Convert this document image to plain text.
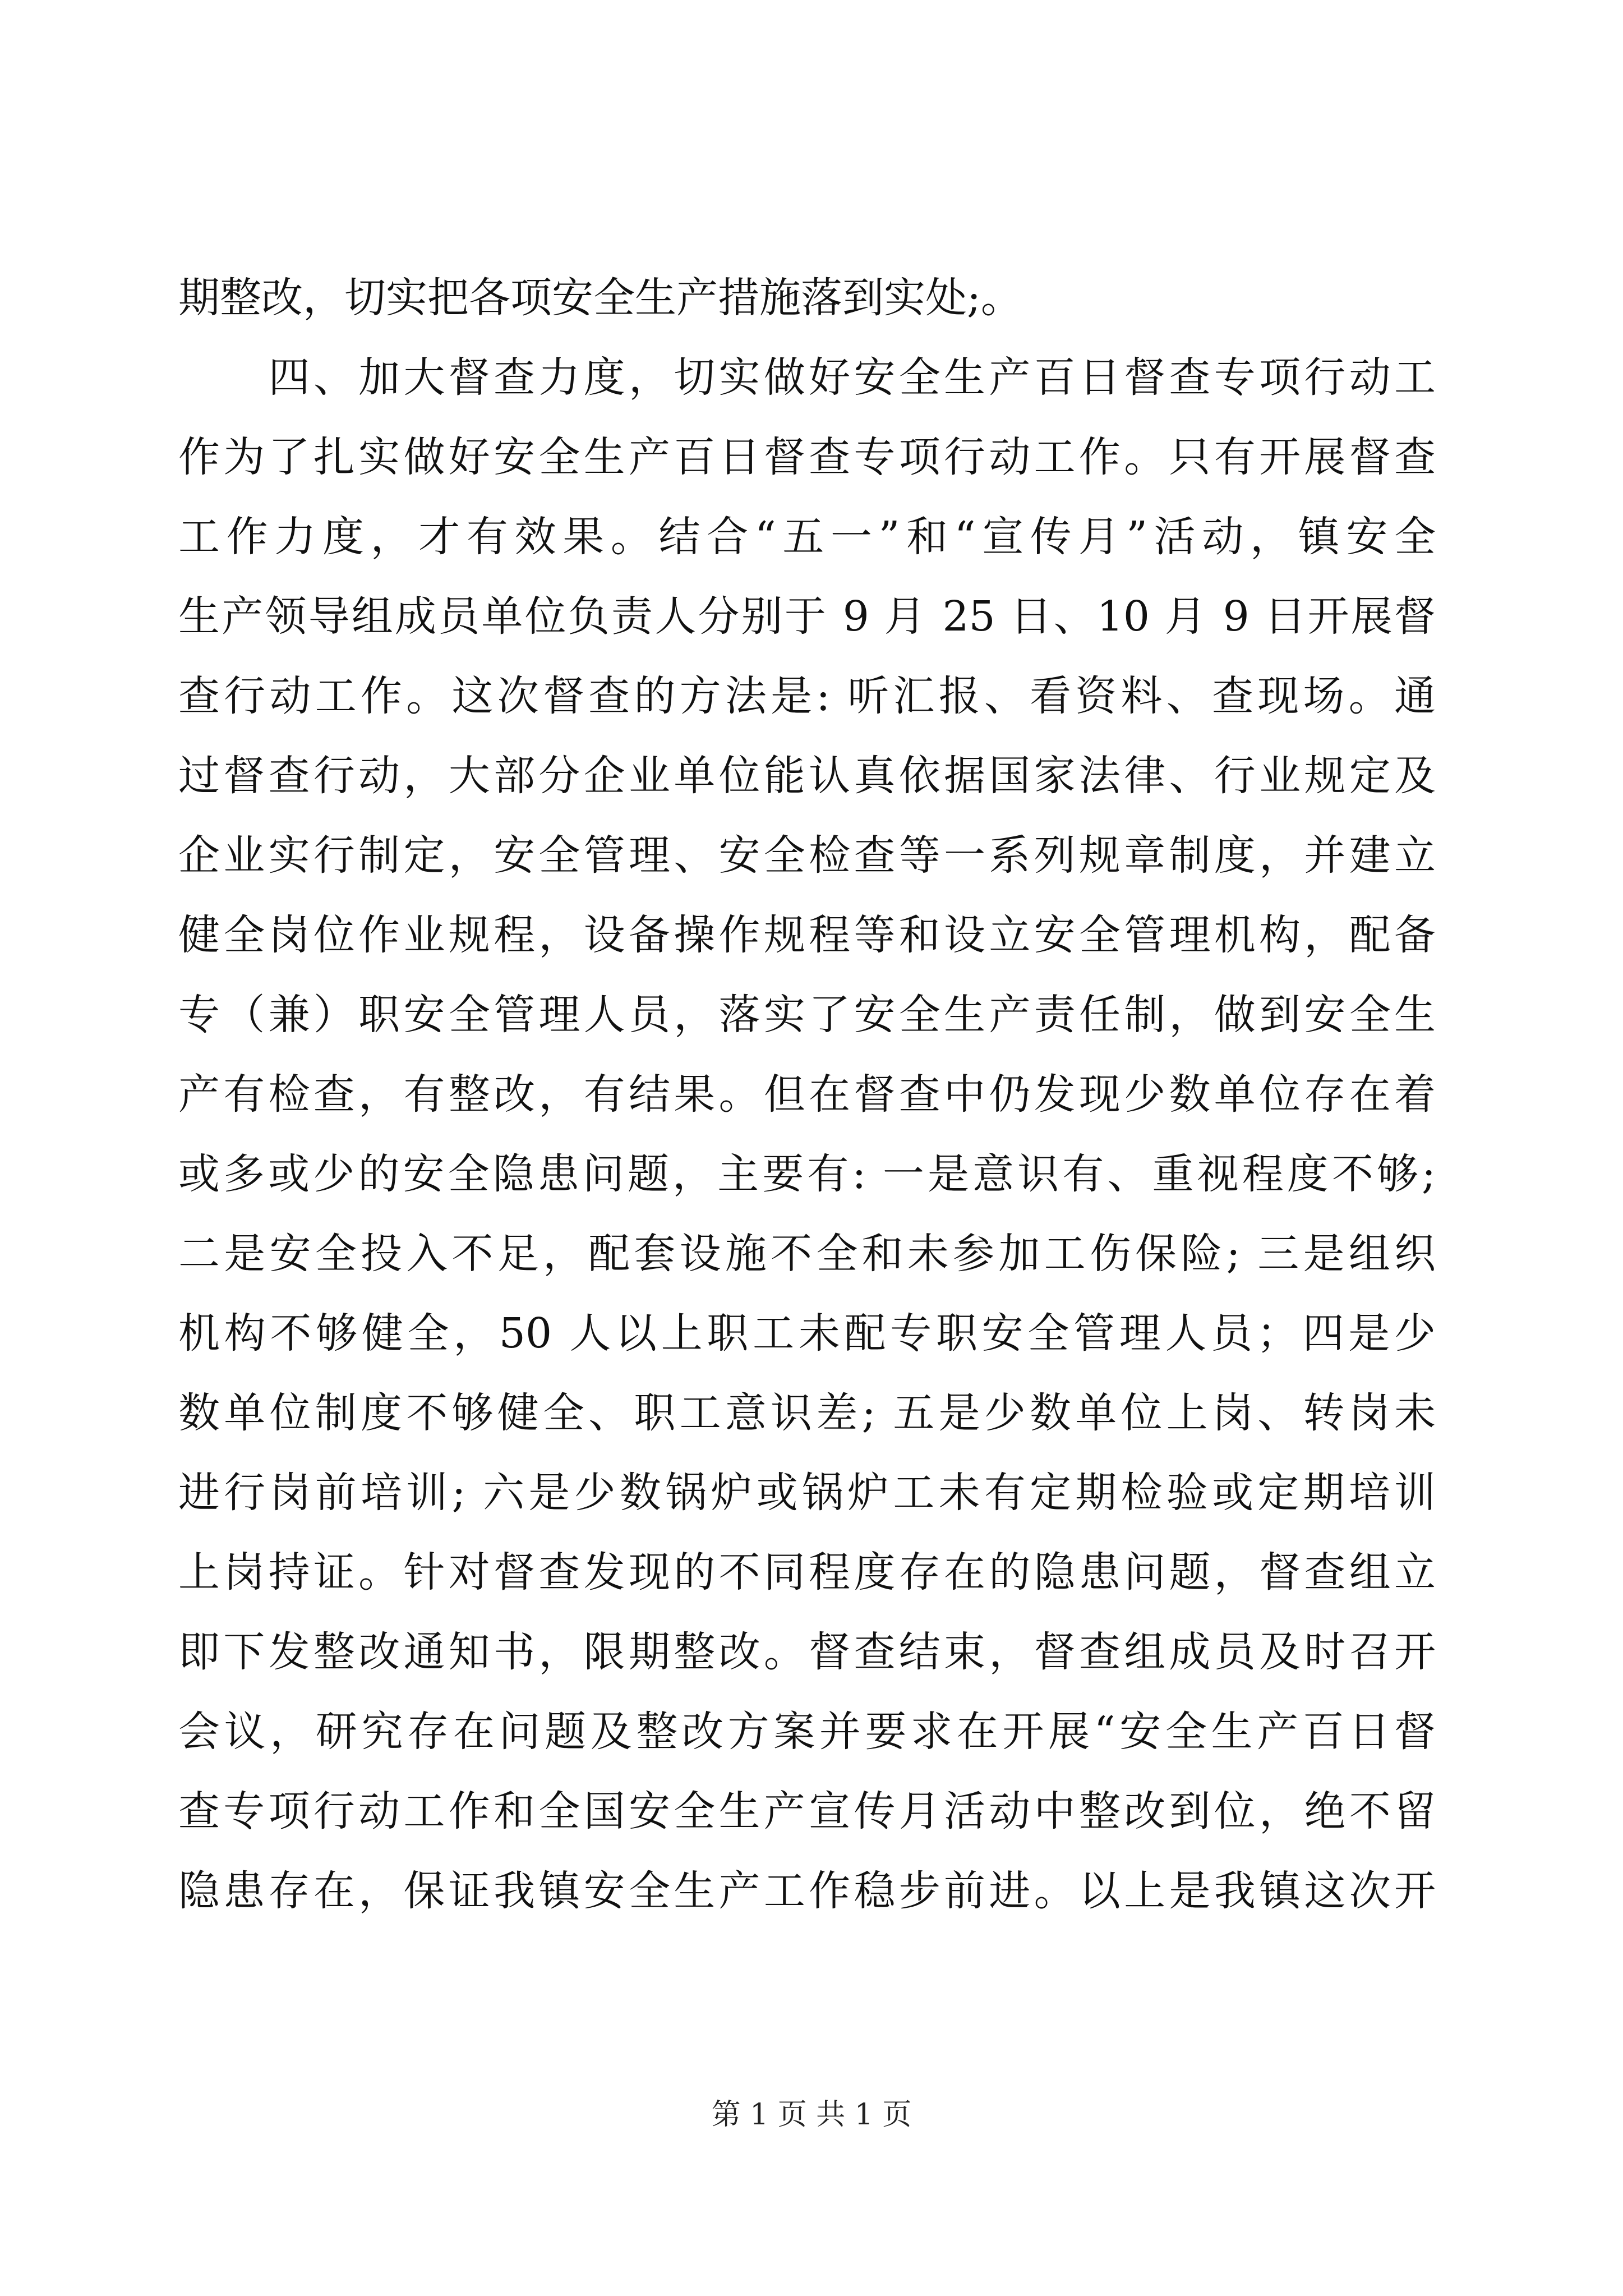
期整改，切实把各项安全生产措施落到实处;。
　　四、加大督查力度，切实做好安全生产百日督查专项行动工
作为了扎实做好安全生产百日督查专项行动工作。只有开展督查
工作力度，才有效果。结合“五一”和“宣传月”活动，镇安全
生产领导组成员单位负责人分别于 9 月 25 日、10 月 9 日开展督
查行动工作。这次督查的方法是: 听汇报、看资料、查现场。通
过督查行动，大部分企业单位能认真依据国家法律、行业规定及
企业实行制定，安全管理、安全检查等一系列规章制度，并建立
健全岗位作业规程，设备操作规程等和设立安全管理机构，配备
专（兼）职安全管理人员，落实了安全生产责任制，做到安全生
产有检查，有整改，有结果。但在督查中仍发现少数单位存在着
或多或少的安全隐患问题，主要有: 一是意识有、重视程度不够;
二是安全投入不足，配套设施不全和未参加工伤保险; 三是组织
机构不够健全，50 人以上职工未配专职安全管理人员；四是少
数单位制度不够健全、职工意识差; 五是少数单位上岗、转岗未
进行岗前培训; 六是少数锅炉或锅炉工未有定期检验或定期培训
上岗持证。针对督查发现的不同程度存在的隐患问题，督查组立
即下发整改通知书，限期整改。督查结束，督查组成员及时召开
会议，研究存在问题及整改方案并要求在开展“安全生产百日督
查专项行动工作和全国安全生产宣传月活动中整改到位，绝不留
隐患存在，保证我镇安全生产工作稳步前进。以上是我镇这次开
第 1 页 共 1 页
